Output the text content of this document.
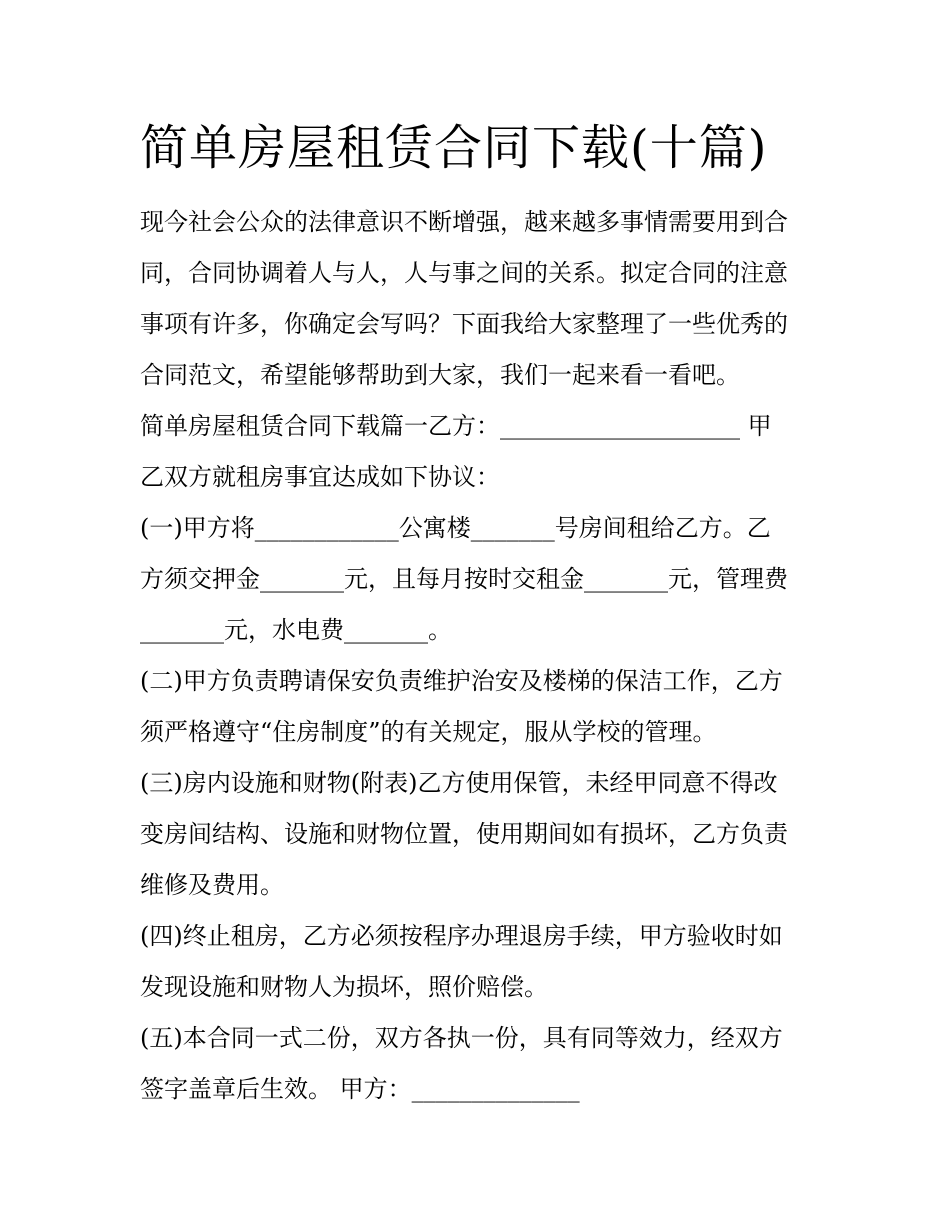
简单房屋租赁合同下载(十篇)
现今社会公众的法律意识不断增强，越来越多事情需要用到合
同，合同协调着人与人，人与事之间的关系。拟定合同的注意
事项有许多，你确定会写吗？下面我给大家整理了一些优秀的
合同范文，希望能够帮助到大家，我们一起来看一看吧。
简单房屋租赁合同下载篇一乙方：____________________ 甲
乙双方就租房事宜达成如下协议：
(一)甲方将____________公寓楼_______号房间租给乙方。乙
方须交押金_______元，且每月按时交租金_______元，管理费
_______元，水电费_______。
(二)甲方负责聘请保安负责维护治安及楼梯的保洁工作，乙方
须严格遵守“住房制度”的有关规定，服从学校的管理。
(三)房内设施和财物(附表)乙方使用保管，未经甲同意不得改
变房间结构、设施和财物位置，使用期间如有损坏，乙方负责
维修及费用。
(四)终止租房，乙方必须按程序办理退房手续，甲方验收时如
发现设施和财物人为损坏，照价赔偿。
(五)本合同一式二份，双方各执一份，具有同等效力，经双方
签字盖章后生效。 甲方：______________
